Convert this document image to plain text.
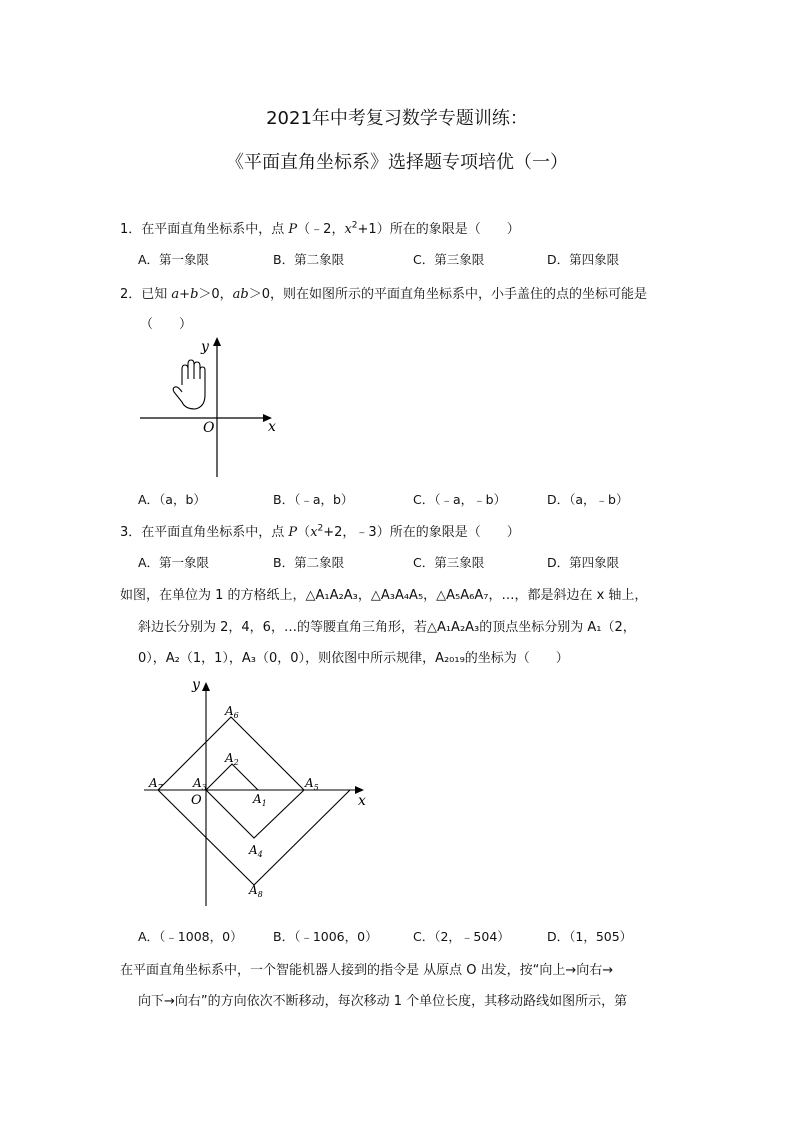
2021年中考复习数学专题训练：
《平面直角坐标系》选择题专项培优（一）
1．在平面直角坐标系中，点 P（﹣2，$x^2+1$）所在的象限是（　　）
A．第一象限	B．第二象限	C．第三象限	D．第四象限
2．已知 a+b＞0，ab＞0，则在如图所示的平面直角坐标系中，小手盖住的点的坐标可能是
（　　）
y
x
O
A．（a，b）	B．（﹣a，b）	C．（﹣a，﹣b）	D．（a，﹣b）
3．在平面直角坐标系中，点 $P(x^2+2$，﹣3）所在的象限是（　　）
A．第一象限	B．第二象限	C．第三象限	D．第四象限
如图，在单位为 1 的方格纸上，△A₁A₂A₃，△A₃A₄A₅，△A₅A₆A₇，…，都是斜边在 x 轴上，
斜边长分别为 2，4，6，…的等腰直角三角形，若△A₁A₂A₃的顶点坐标分别为 A₁（2，
0），A₂（1，1），A₃（0，0），则依图中所示规律，A₂₀₁₉的坐标为（　　）
y
x
O	$A_1$
$A_2$
$A_3$
$A_4$
$A_5$
$A_6$
$A_7$
$A_8$
A．（﹣1008，0） B．（﹣1006，0）	C．（2，﹣504）	D．（1，505）
在平面直角坐标系中，一个智能机器人接到的指令是 从原点 O 出发，按“向上→向右→
向下→向右”的方向依次不断移动，每次移动 1 个单位长度，其移动路线如图所示，第
